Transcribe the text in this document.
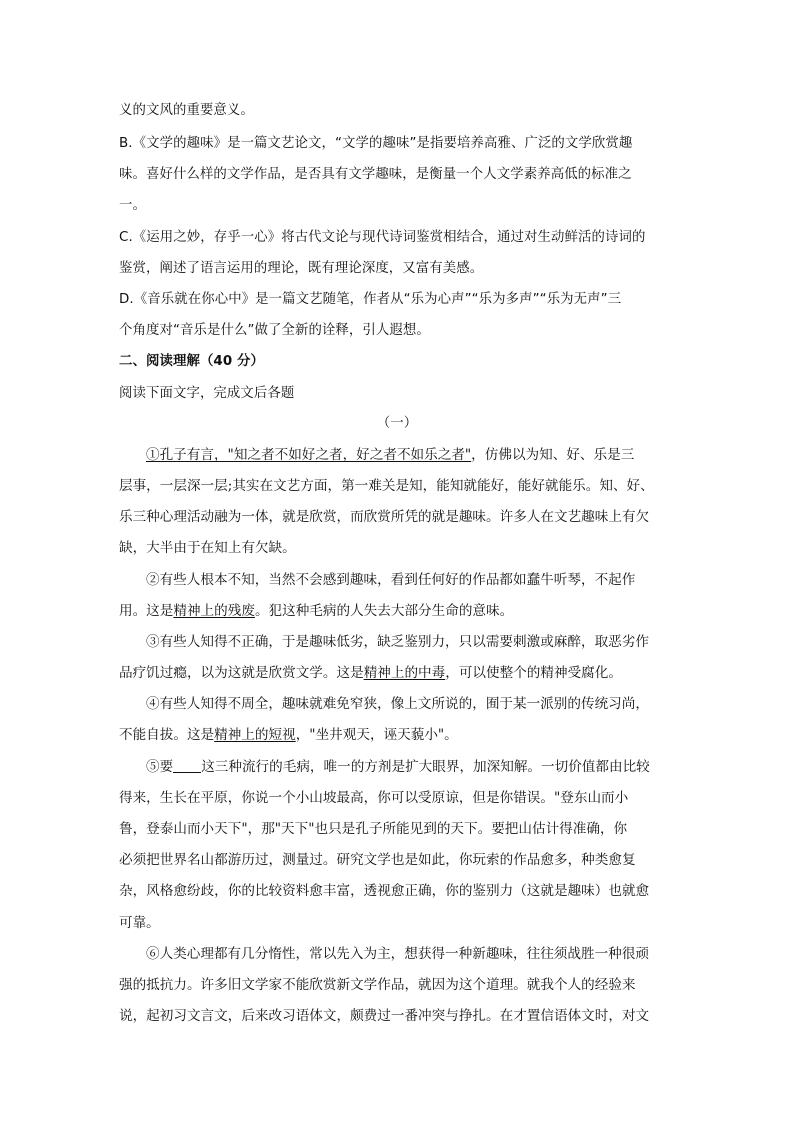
义的文风的重要意义。

B.《文学的趣味》是一篇文艺论文，“文学的趣味”是指要培养高雅、广泛的文学欣赏趣

味。喜好什么样的文学作品，是否具有文学趣味，是衡量一个人文学素养高低的标准之

一。

C.《运用之妙，存乎一心》将古代文论与现代诗词鉴赏相结合，通过对生动鲜活的诗词的

鉴赏，阐述了语言运用的理论，既有理论深度，又富有美感。

D.《音乐就在你心中》是一篇文艺随笔，作者从“乐为心声”“乐为多声”“乐为无声”三

个角度对“音乐是什么”做了全新的诠释，引人遐想。

二、阅读理解（40 分）

阅读下面文字，完成文后各题

（一）

①孔子有言，"知之者不如好之者，好之者不如乐之者"，仿佛以为知、好、乐是三

层事，一层深一层;其实在文艺方面，第一难关是知，能知就能好，能好就能乐。知、好、

乐三种心理活动融为一体，就是欣赏，而欣赏所凭的就是趣味。许多人在文艺趣味上有欠

缺，大半由于在知上有欠缺。

②有些人根本不知，当然不会感到趣味，看到任何好的作品都如蠢牛听琴，不起作

用。这是精神上的残废。犯这种毛病的人失去大部分生命的意味。

③有些人知得不正确，于是趣味低劣，缺乏鉴别力，只以需要刺激或麻醉，取恶劣作

品疗饥过瘾，以为这就是欣赏文学。这是精神上的中毒，可以使整个的精神受腐化。

④有些人知得不周全，趣味就难免窄狭，像上文所说的，囿于某一派别的传统习尚，

不能自拔。这是精神上的短视，"坐井观天，诬天藐小"。

⑤要 这三种流行的毛病，唯一的方剂是扩大眼界，加深知解。一切价值都由比较

得来，生长在平原，你说一个小山坡最高，你可以受原谅，但是你错误。"登东山而小

鲁，登泰山而小天下"，那"天下"也只是孔子所能见到的天下。要把山估计得准确，你

必须把世界名山都游历过，测量过。研究文学也是如此，你玩索的作品愈多，种类愈复

杂，风格愈纷歧，你的比较资料愈丰富，透视愈正确，你的鉴别力（这就是趣味）也就愈

可靠。

⑥人类心理都有几分惰性，常以先入为主，想获得一种新趣味，往往须战胜一种很顽

强的抵抗力。许多旧文学家不能欣赏新文学作品，就因为这个道理。就我个人的经验来

说，起初习文言文，后来改习语体文，颇费过一番冲突与挣扎。在才置信语体文时，对文
